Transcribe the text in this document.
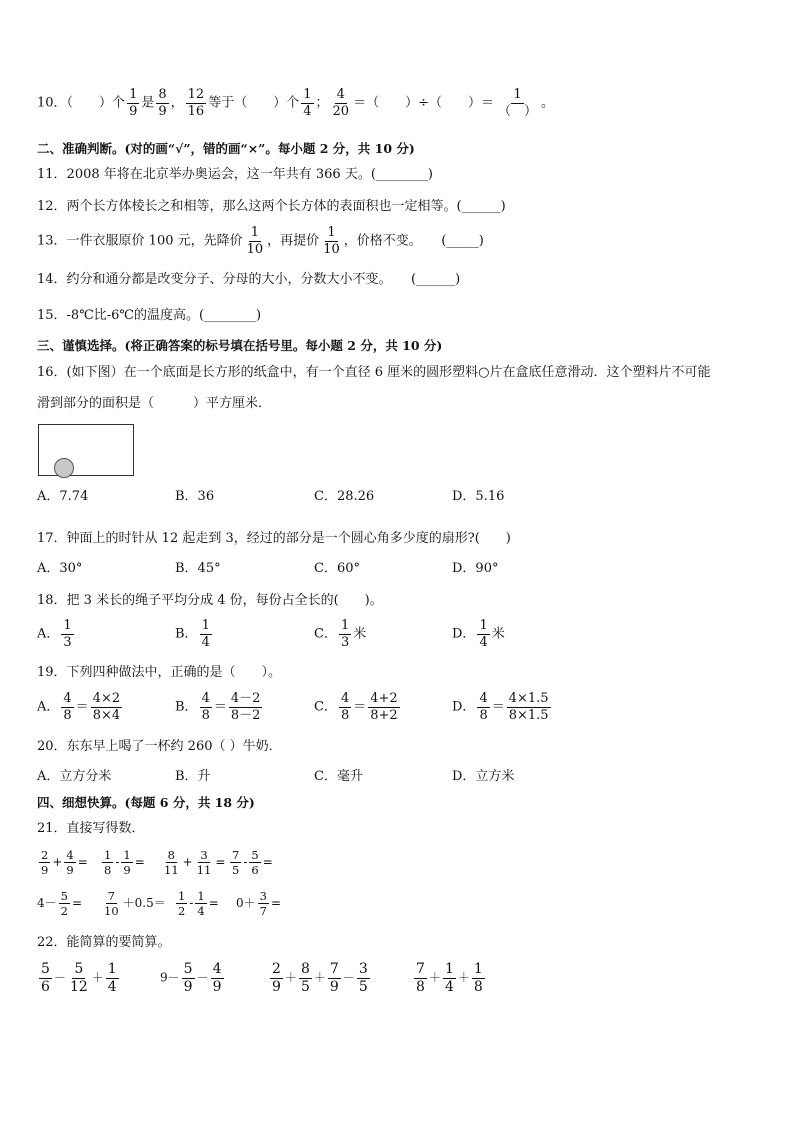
10．（　　）个 $\frac{1}{9}$ 是 $\frac{8}{9}$ ， $\frac{12}{16}$ 等于（　　）个 $\frac{1}{4}$ ； $\frac{4}{20}$ ＝（　　）÷（　　）＝ $\frac{1}{( )}$ 。
二、准确判断。(对的画“√”，错的画“×”。每小题 2 分，共 10 分)
11．2008 年将在北京举办奥运会，这一年共有 366 天。(________)
12．两个长方体棱长之和相等，那么这两个长方体的表面积也一定相等。(______)
13．一件衣服原价 100 元，先降价 $\frac{1}{10}$ ，再提价 $\frac{1}{10}$ ，价格不变。　　(_____)
14．约分和通分都是改变分子、分母的大小，分数大小不变。　　(______)
15．-8℃比-6℃的温度高。(________)
三、谨慎选择。(将正确答案的标号填在括号里。每小题 2 分，共 10 分)
16．(如下图）在一个底面是长方形的纸盒中，有一个直径 6 厘米的圆形塑料○片在盒底任意滑动．这个塑料片不可能
滑到部分的面积是（　　　）平方厘米．
A．7.74	B．36	C．28.26	D．5.16
17．钟面上的时针从 12 起走到 3，经过的部分是一个圆心角多少度的扇形?(　　)
A．30°	B．45°	C．60°	D．90°
18．把 3 米长的绳子平均分成 4 份，每份占全长的(　　)。
A． $\frac{1}{3}$	B． $\frac{1}{4}$	C． $\frac{1}{3}$ 米	D． $\frac{1}{4}$ 米
19．下列四种做法中，正确的是（　　）。
A． $\frac{4}{8} = \frac{4\times 2}{8\times 4}$	B． $\frac{4}{8} = \frac{4-2}{8-2}$	C． $\frac{4}{8} = \frac{4+2}{8+2}$	D． $\frac{4}{8} = \frac{4\times 1.5}{8\times 1.5}$
20．东东早上喝了一杯约 260（ ）牛奶．
A．立方分米	B．升	C．毫升	D．立方米
四、细想快算。(每题 6 分，共 18 分)
21．直接写得数．
$\frac{2}{9} + \frac{4}{9} = \frac{1}{8} - \frac{1}{9} = \frac{8}{11} + \frac{3}{11} = \frac{7}{5} - \frac{5}{6}$ =
$4- \frac{5}{2} = \frac{7}{10} +0.5= \frac{1}{2} - \frac{1}{4} = 0+ \frac{3}{7}$ =
22．能简算的要简算。
$\frac{5}{6} - \frac{5}{12} + \frac{1}{4}$	$9- \frac{5}{9} - \frac{4}{9}$	$\frac{2}{9} + \frac{8}{5} + \frac{7}{9} - \frac{3}{5}$	$\frac{7}{8} + \frac{1}{4} + \frac{1}{8}$
